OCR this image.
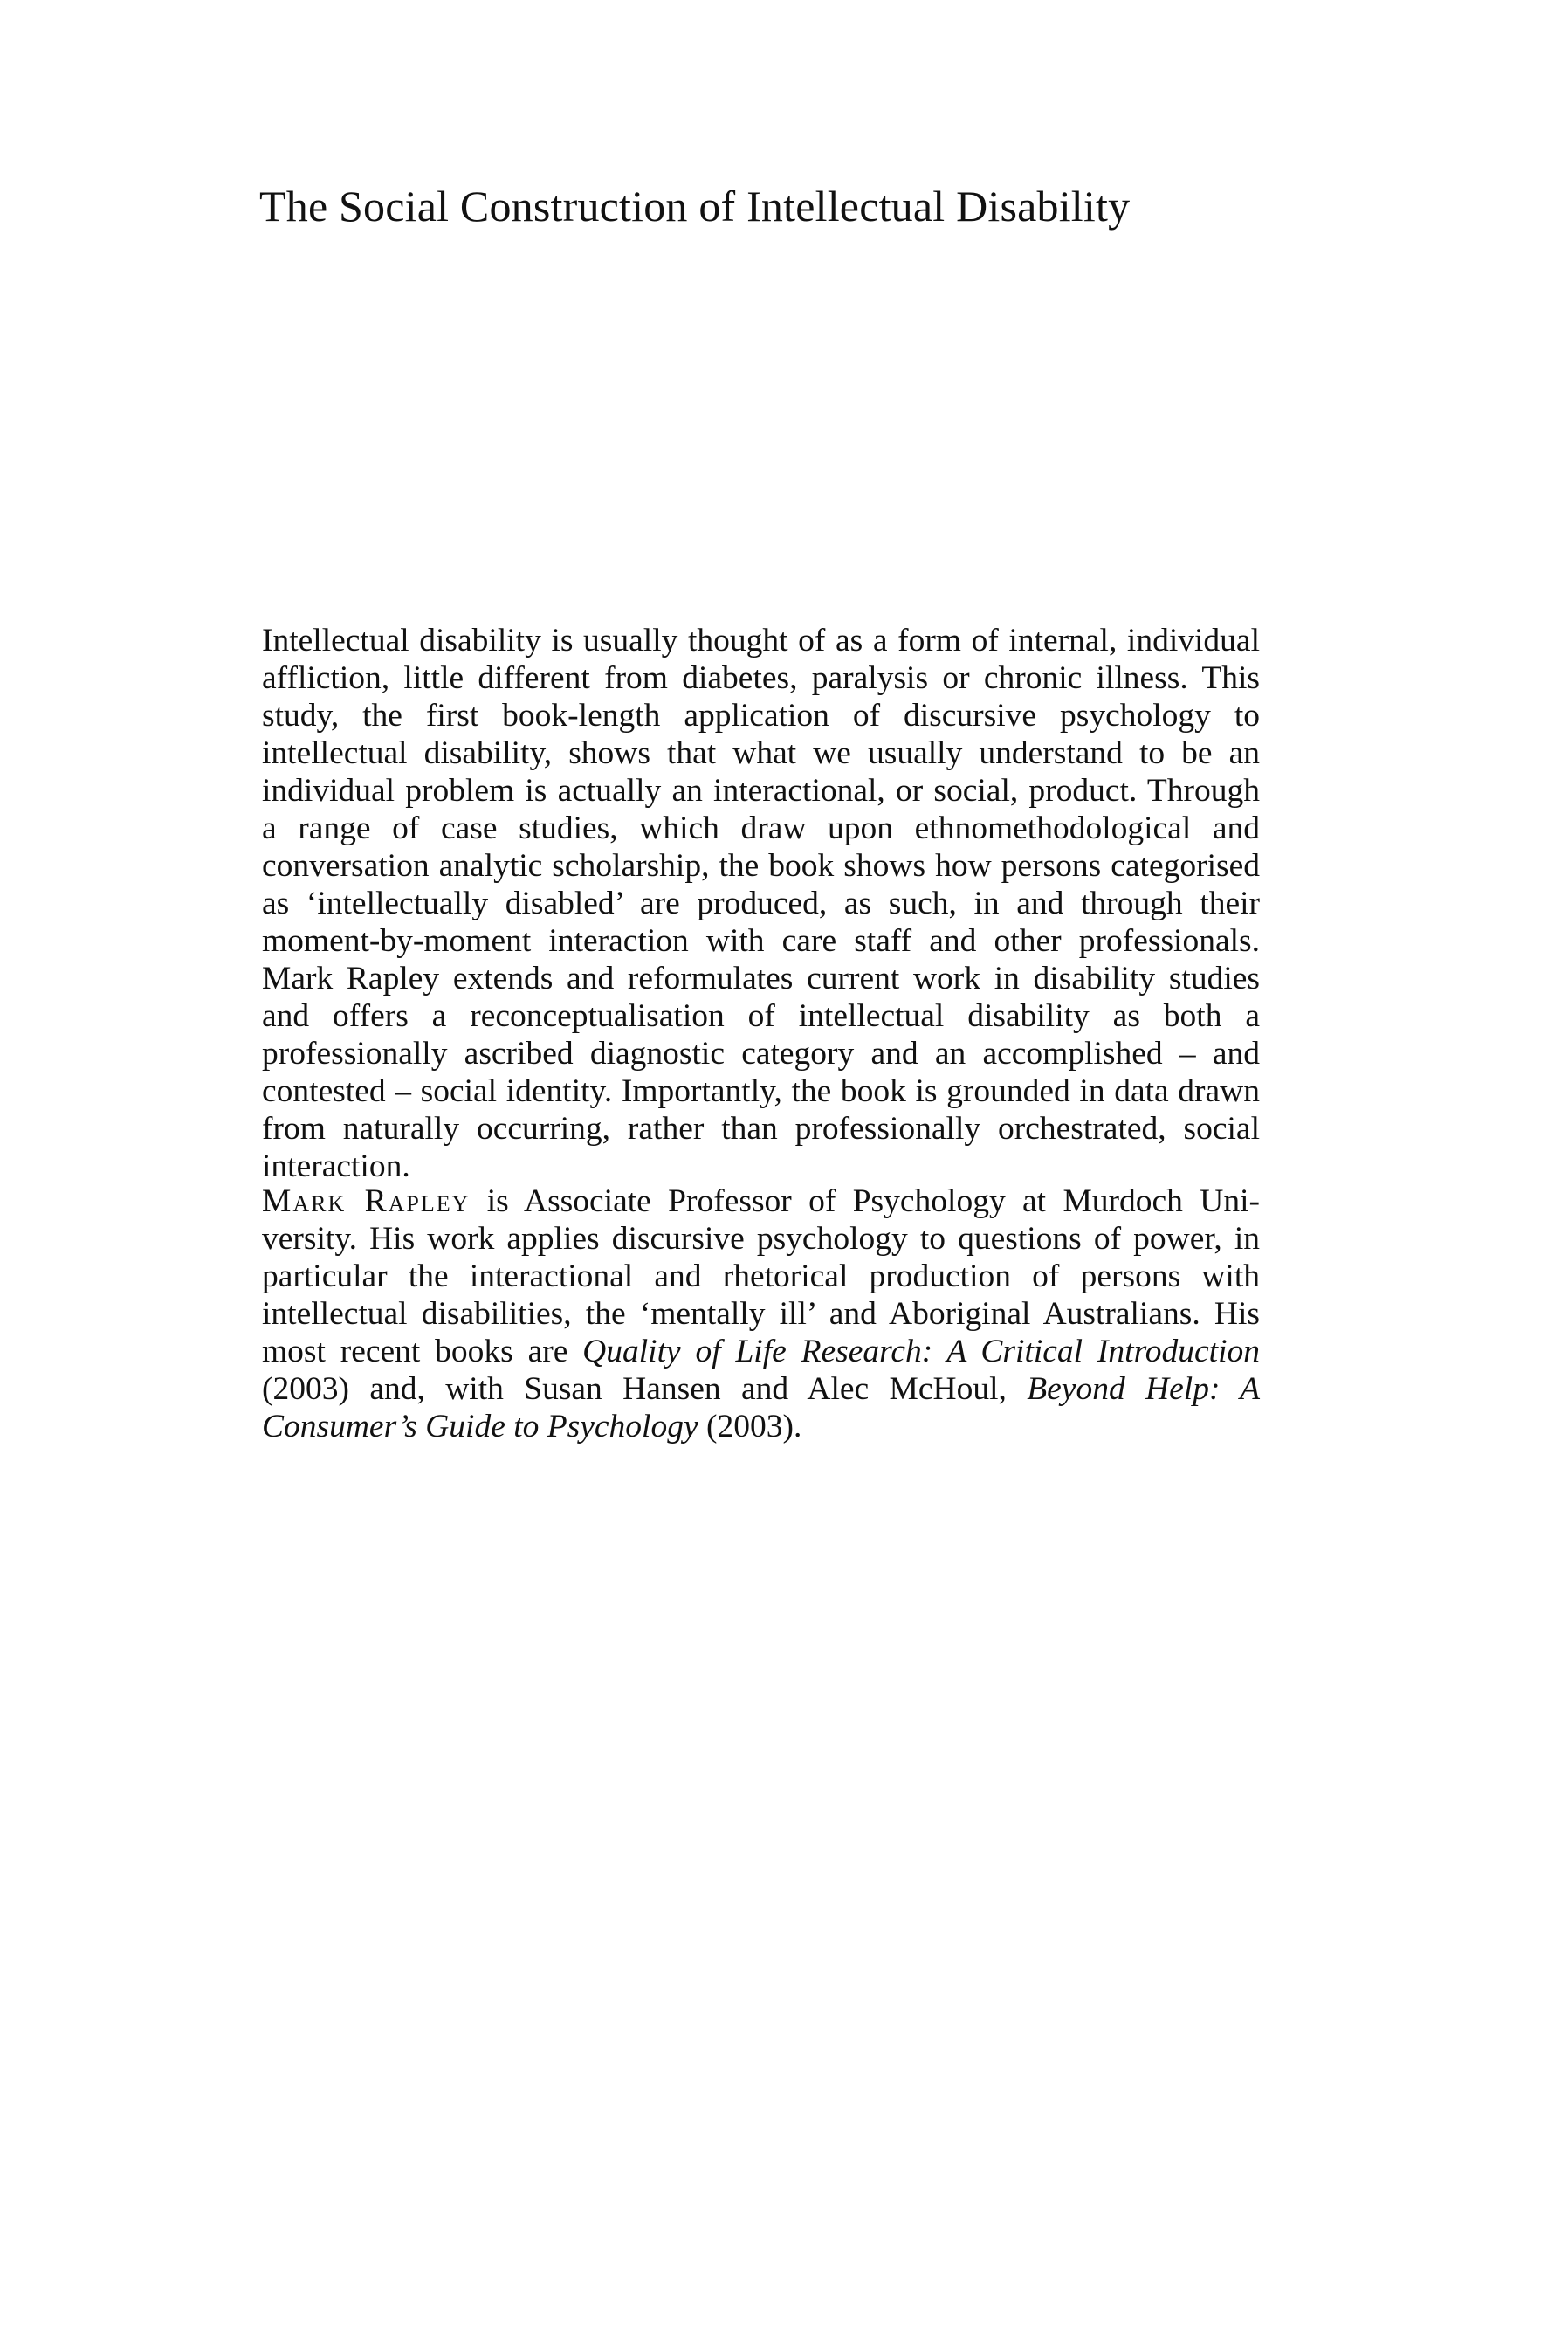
The Social Construction of Intellectual Disability

Intellectual disability is usually thought of as a form of internal, individual affliction, little different from diabetes, paralysis or chronic illness. This study, the first book-length application of discursive psychology to intellectual disability, shows that what we usually understand to be an individual problem is actually an interactional, or social, product. Through a range of case studies, which draw upon ethnomethodological and conversation analytic scholarship, the book shows how persons categorised as ‘intellectually disabled’ are produced, as such, in and through their moment-by-moment interaction with care staff and other professionals. Mark Rapley extends and reformulates current work in disability studies and offers a reconceptualisation of intellectual disability as both a professionally ascribed diagnostic category and an accomplished – and contested – social identity. Importantly, the book is grounded in data drawn from naturally occurring, rather than professionally orchestrated, social interaction.

Mark Rapley is Associate Professor of Psychology at Murdoch University. His work applies discursive psychology to questions of power, in particular the interactional and rhetorical production of persons with intellectual disabilities, the ‘mentally ill’ and Aboriginal Australians. His most recent books are Quality of Life Research: A Critical Introduction (2003) and, with Susan Hansen and Alec McHoul, Beyond Help: A Consumer’s Guide to Psychology (2003).
